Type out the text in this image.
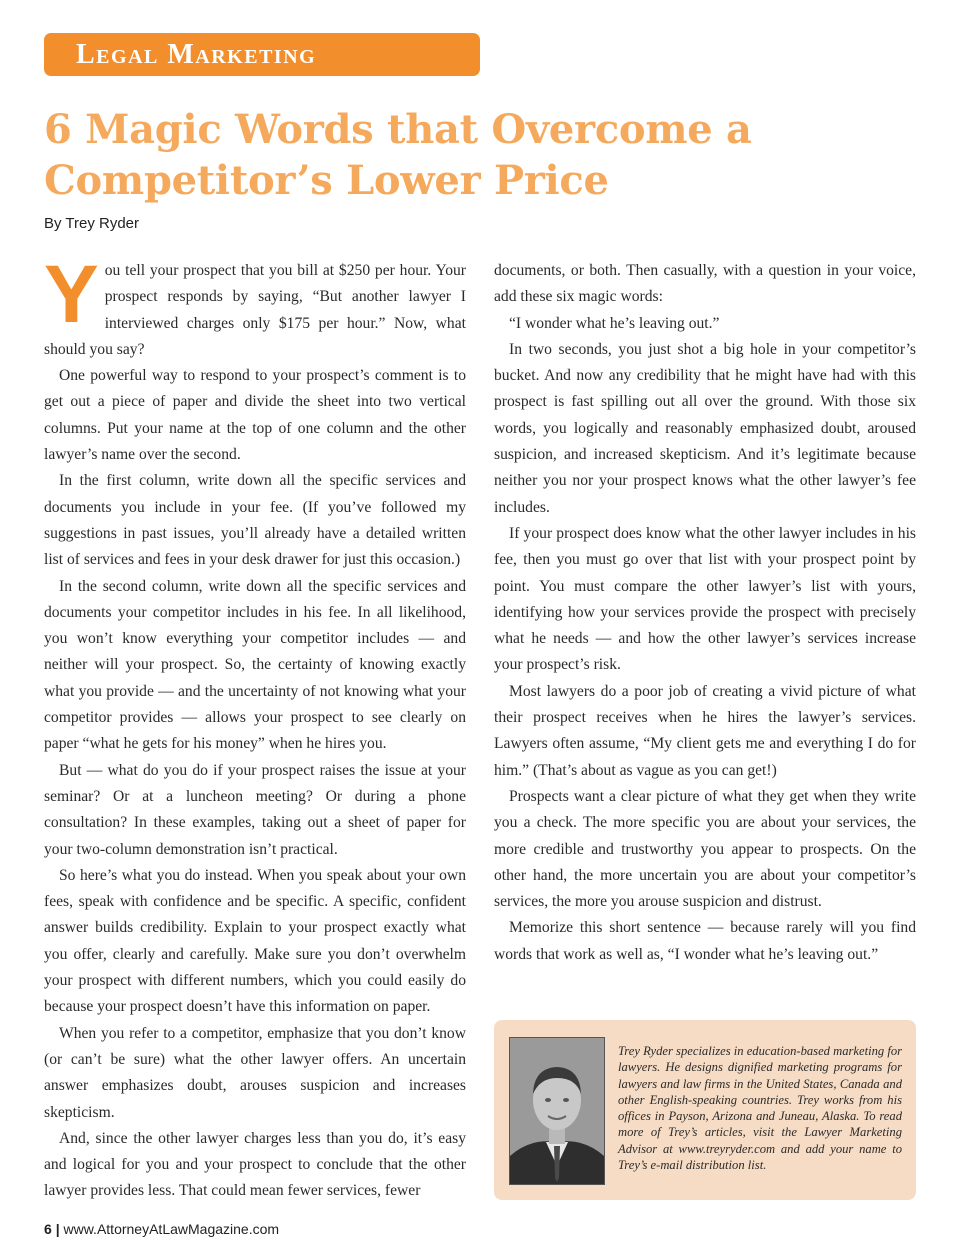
Legal Marketing
6 Magic Words that Overcome a Competitor’s Lower Price
By Trey Ryder

You tell your prospect that you bill at $250 per hour. Your prospect responds by saying, “But another lawyer I interviewed charges only $175 per hour.” Now, what should you say?

One powerful way to respond to your prospect’s comment is to get out a piece of paper and divide the sheet into two vertical columns. Put your name at the top of one column and the other lawyer’s name over the second.

In the first column, write down all the specific services and documents you include in your fee. (If you’ve followed my suggestions in past issues, you’ll already have a detailed written list of services and fees in your desk drawer for just this occasion.)

In the second column, write down all the specific services and documents your competitor includes in his fee. In all likelihood, you won’t know everything your competitor includes — and neither will your prospect. So, the certainty of knowing exactly what you provide — and the uncertainty of not knowing what your competitor provides — allows your prospect to see clearly on paper “what he gets for his money” when he hires you.

But — what do you do if your prospect raises the issue at your seminar? Or at a luncheon meeting? Or during a phone consultation? In these examples, taking out a sheet of paper for your two-column demonstration isn’t practical.

So here’s what you do instead. When you speak about your own fees, speak with confidence and be specific. A specific, confident answer builds credibility. Explain to your prospect exactly what you offer, clearly and carefully. Make sure you don’t overwhelm your prospect with different numbers, which you could easily do because your prospect doesn’t have this information on paper.

When you refer to a competitor, emphasize that you don’t know (or can’t be sure) what the other lawyer offers. An uncertain answer emphasizes doubt, arouses suspicion and increases skepticism.

And, since the other lawyer charges less than you do, it’s easy and logical for you and your prospect to conclude that the other lawyer provides less. That could mean fewer services, fewer

documents, or both. Then casually, with a question in your voice, add these six magic words:

“I wonder what he’s leaving out.”

In two seconds, you just shot a big hole in your competitor’s bucket. And now any credibility that he might have had with this prospect is fast spilling out all over the ground. With those six words, you logically and reasonably emphasized doubt, aroused suspicion, and increased skepticism. And it’s legitimate because neither you nor your prospect knows what the other lawyer’s fee includes.

If your prospect does know what the other lawyer includes in his fee, then you must go over that list with your prospect point by point. You must compare the other lawyer’s list with yours, identifying how your services provide the prospect with precisely what he needs — and how the other lawyer’s services increase your prospect’s risk.

Most lawyers do a poor job of creating a vivid picture of what their prospect receives when he hires the lawyer’s services. Lawyers often assume, “My client gets me and everything I do for him.” (That’s about as vague as you can get!)

Prospects want a clear picture of what they get when they write you a check. The more specific you are about your services, the more credible and trustworthy you appear to prospects. On the other hand, the more uncertain you are about your competitor’s services, the more you arouse suspicion and distrust.

Memorize this short sentence — because rarely will you find words that work as well as, “I wonder what he’s leaving out.”

Trey Ryder specializes in education-based marketing for lawyers. He designs dignified marketing programs for lawyers and law firms in the United States, Canada and other English-speaking countries. Trey works from his offices in Payson, Arizona and Juneau, Alaska. To read more of Trey’s articles, visit the Lawyer Marketing Advisor at www.treyryder.com and add your name to Trey’s e-mail distribution list.
6 | www.AttorneyAtLawMagazine.com
